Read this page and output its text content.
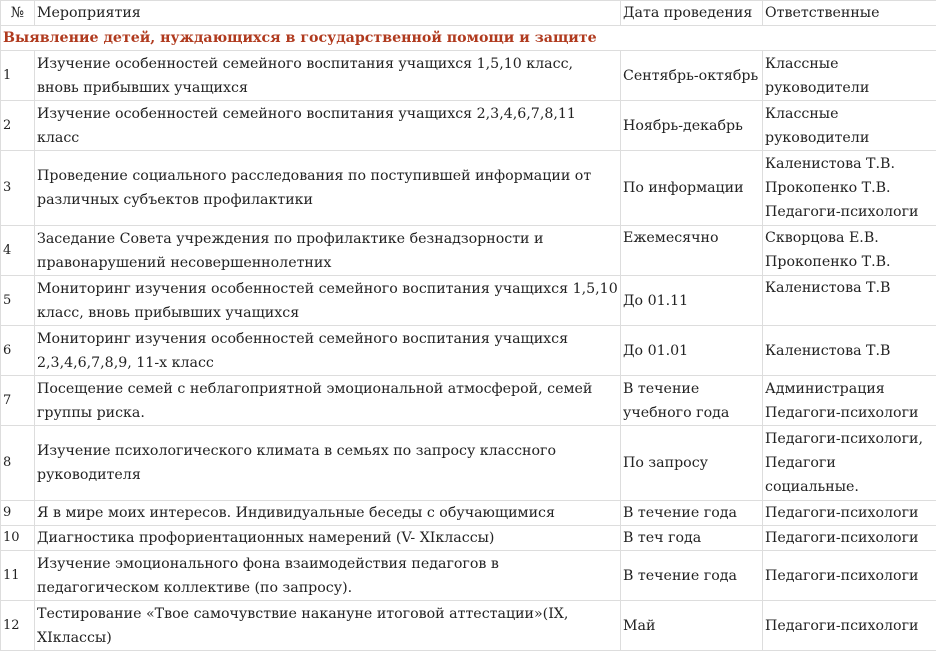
№	Мероприятия	Дата проведения	Ответственные
Выявление детей, нуждающихся в государственной помощи и защите			
1	Изучение особенностей семейного воспитания учащихся 1,5,10 класс, вновь прибывших учащихся	Сентябрь-октябрь	Классные
руководители

2	Изучение особенностей семейного воспитания учащихся 2,3,4,6,7,8,11 класс	Ноябрь-декабрь	Классные
руководители

3	Проведение социального расследования по поступившей информации от различных субъектов профилактики	По информации	Каленистова Т.В.
Прокопенко Т.В.
Педагоги-психологи

4	Заседание Совета учреждения по профилактике безнадзорности и правонарушений несовершеннолетних	Ежемесячно	Скворцова Е.В.
Прокопенко Т.В.

5	Мониторинг изучения особенностей семейного воспитания учащихся 1,5,10 класс, вновь прибывших учащихся	До 01.11	Каленистова Т.В

6	Мониторинг изучения особенностей семейного воспитания учащихся 2,3,4,6,7,8,9, 11-х класс	До 01.01	Каленистова Т.В

7	Посещение семей с неблагоприятной эмоциональной атмосферой, семей группы риска.	В течение учебного года	Администрация
Педагоги-психологи

8	Изучение психологического климата в семьях по запросу классного руководителя	По запросу	Педагоги-психологи,
Педагоги
социальные.

9	Я в мире моих интересов. Индивидуальные беседы с обучающимися	В течение года	Педагоги-психологи

10	Диагностика профориентационных намерений (V- XIклассы)	В теч года	Педагоги-психологи

11	Изучение эмоционального фона взаимодействия педагогов в педагогическом коллективе (по запросу).	В течение года	Педагоги-психологи

12	Тестирование «Твое самочувствие накануне итоговой аттестации»(IX, XIклассы)	Май	Педагоги-психологи
